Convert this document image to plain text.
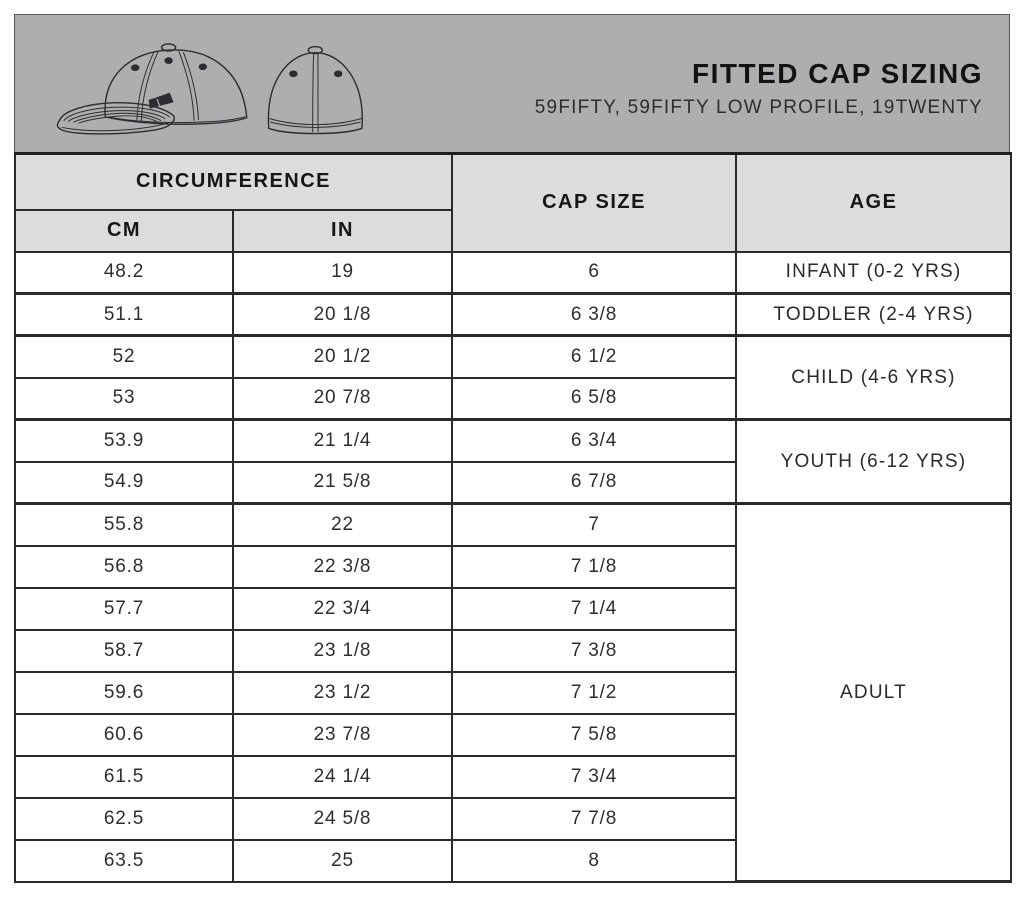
FITTED CAP SIZING
59FIFTY, 59FIFTY LOW PROFILE, 19TWENTY
CIRCUMFERENCE		CAP SIZE	AGE
CM	IN		
48.2	19	6	INFANT (0-2 YRS)
51.1	20 1/8	6 3/8	TODDLER (2-4 YRS)
52	20 1/2	6 1/2	CHILD (4-6 YRS)
53	20 7/8	6 5/8	
53.9	21 1/4	6 3/4	YOUTH (6-12 YRS)
54.9	21 5/8	6 7/8	
55.8	22	7	ADULT
56.8	22 3/8	7 1/8	
57.7	22 3/4	7 1/4	
58.7	23 1/8	7 3/8	
59.6	23 1/2	7 1/2	
60.6	23 7/8	7 5/8	
61.5	24 1/4	7 3/4	
62.5	24 5/8	7 7/8	
63.5	25	8	
